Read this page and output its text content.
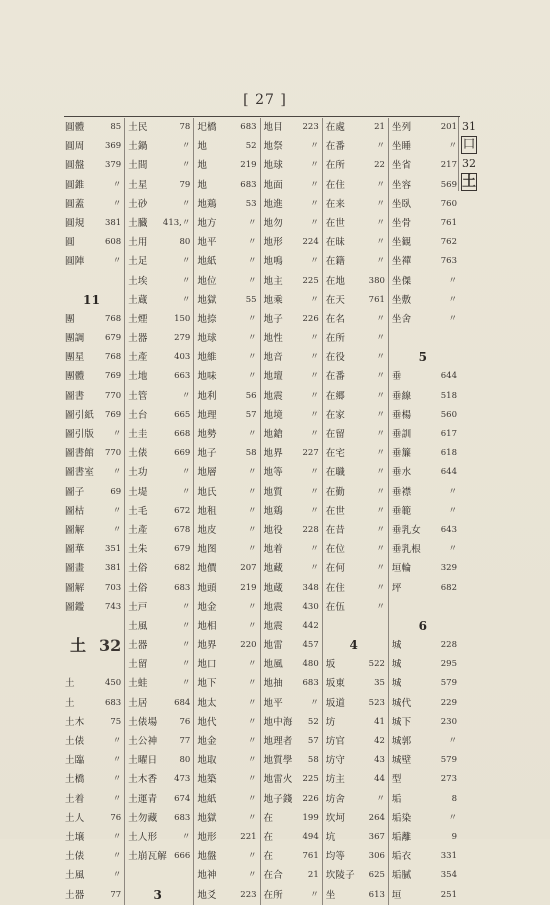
[ 27 ]
圓體	85
圓周	369
圓盤	379
圓錐	〃
圓蓋	〃
圓規	381
圓	608
圓陣	〃
11
團	768
團調	679
團星	768
團體	769
圖書	770
圖引紙	769
圖引版	〃
圖書館	770
圖書室	〃
圖子	69
圖枯	〃
圖解	〃
圖華	351
圖畫	381
圖解	703
圖鑑	743
土 32
土	450
土	683
土木	75
土俵	〃
土臨	〃
土橋	〃
土着	〃
土人	76
土壌	〃
土俵	〃
土風	〃
土器	77
土民	78
土鍋	〃
土間	〃
土星	79
土砂	〃
土臓	413,〃
土用	80
土足	〃
土埃	〃
土蔵	〃
土煙	150
土器	279
土產	403
土地	663
土管	〃
土台	665
土圭	668
土俵	669
土功	〃
土堤	〃
土毛	672
土產	678
土朱	679
土俗	682
土俗	683
土戸	〃
土風	〃
土器	〃
土留	〃
土蛙	〃
土居	684
土俵場	76
土公神	77
土曜日	80
土木香	473
土運青	674
土勿藏	683
土人形	〃
土崩瓦解 666
3
圯橋	683
地	52
地	219
地	683
地鶏	53
地方	〃
地平	〃
地紙	〃
地位	〃
地獄	55
地捺	〃
地球	〃
地維	〃
地味	〃
地利	56
地理	57
地勢	〃
地子	58
地層	〃
地氏	〃
地租	〃
地皮	〃
地图	〃
地價	207
地頭	219
地金	〃
地相	〃
地界	220
地口	〃
地下	〃
地太	〃
地代	〃
地金	〃
地取	〃
地築	〃
地紙	〃
地獄	〃
地形	221
地盤	〃
地神	〃
地爻	223
地目	223
地祭	〃
地球	〃
地面	〃
地進	〃
地勿	〃
地形	224
地鳴	〃
地主	225
地乘	〃
地子	226
地性	〃
地音	〃
地壇	〃
地震	〃
地境	〃
地鎗	〃
地界	227
地等	〃
地質	〃
地鶏	〃
地役	228
地着	〃
地藏	〃
地蔵	348
地震	430
地震	442
地雷	457
地風	480
地抽	683
地平	〃
地中海	52
地理者	57
地質學	58
地雷火	225
地子錢	226
在	199
在	494
在	761
在合	21
在所	〃
在處	21
在番	〃
在所	22
在住	〃
在来	〃
在世	〃
在昧	〃
在籍	〃
在地	380
在天	761
在名	〃
在所	〃
在役	〃
在番	〃
在郷	〃
在家	〃
在留	〃
在宅	〃
在職	〃
在勤	〃
在世	〃
在昔	〃
在位	〃
在何	〃
在住	〃
在伍	〃
4
坂	522
坂東	35
坂道	523
坊	41
坊官	42
坊守	43
坊主	44
坊舍	〃
坎坷	264
坑	367
均等	306
坎陵子	625
坐	613
坐列	201
坐睡	〃
坐省	217
坐容	569
坐臥	760
坐骨	761
坐観	762
坐禪	763
坐傑	〃
坐敷	〃
坐舍	〃
5
垂	644
垂線	518
垂楊	560
垂訓	617
垂簾	618
垂水	644
垂襟	〃
垂範	〃
垂乳女	643
垂乳根	〃
垣輪	329
坪	682
6
城	228
城	295
城	579
城代	229
城下	230
城郭	〃
城壁	579
型	273
垢	8
垢染	〃
垢離	9
垢衣	331
垢膩	354
垣	251
31
口
32
土
